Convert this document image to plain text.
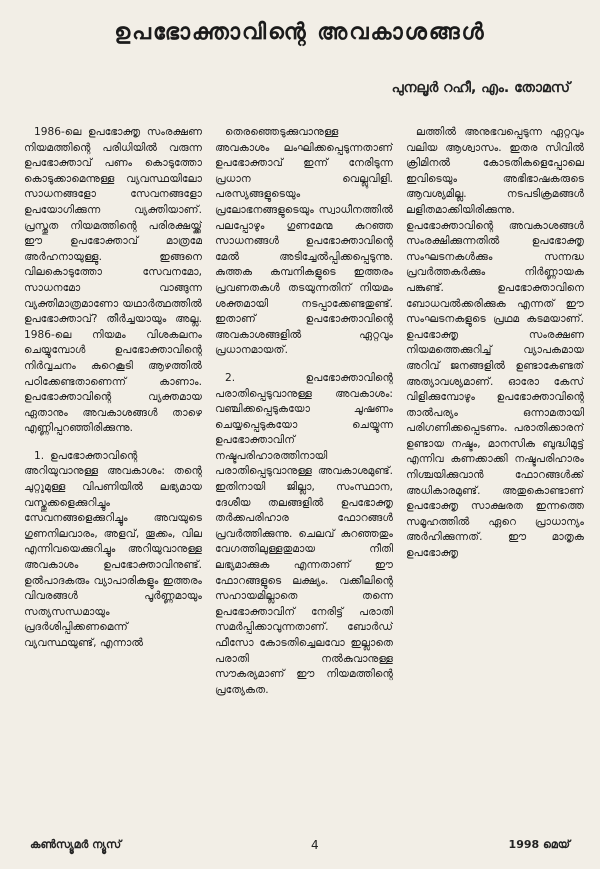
ഉപഭോക്താവിന്റെ അവകാശങ്ങൾ
പുനലൂർ റഹീ, എം. തോമസ്

1986-ലെ ഉപഭോക്തൃ സംരക്ഷണ നിയമത്തിന്റെ പരിധിയിൽ വരുന്ന ഉപഭോക്താവ് പണം കൊടുത്തോ കൊടുക്കാമെന്നുള്ള വ്യവസ്ഥയിലോ സാധനങ്ങളോ സേവനങ്ങളോ ഉപയോഗിക്കുന്ന വ്യക്തിയാണ്. പ്രസ്തുത നിയമത്തിന്റെ പരിരക്ഷയ്ക്ക് ഈ ഉപഭോക്താവ് മാത്രമേ അർഹനായുള്ളു. ഇങ്ങനെ വിലകൊടുത്തോ സേവനമോ, സാധനമോ വാങ്ങുന്ന വ്യക്തിമാത്രമാണോ യഥാർത്ഥത്തിൽ ഉപഭോക്താവ്? തീർച്ചയായും അല്ല. 1986-ലെ നിയമം വിശകലനം ചെയ്യുമ്പോൾ ഉപഭോക്താവിന്റെ നിർവ്വചനം കുറെകൂടി ആഴത്തിൽ പഠിക്കേണ്ടതാണെന്ന് കാണാം. ഉപഭോക്താവിന്റെ വ്യക്തമായ ഏതാനും അവകാശങ്ങൾ താഴെ എണ്ണിപ്പറഞ്ഞിരിക്കുന്നു.

1. ഉപഭോക്താവിന്റെ അറിയുവാനുള്ള അവകാശം: തന്റെ ചുറ്റുമുള്ള വിപണിയിൽ ലഭ്യമായ വസ്തുക്കളെക്കുറിച്ചും സേവനങ്ങളെക്കുറിച്ചും അവയുടെ ഗുണനിലവാരം, അളവ്, തൂക്കം, വില എന്നിവയെക്കുറിച്ചും അറിയുവാനുള്ള അവകാശം ഉപഭോക്താവിനുണ്ട്. ഉൽപാദകരും വ്യാപാരികളും ഇത്തരം വിവരങ്ങൾ പൂർണ്ണമായും സത്യസന്ധമായും പ്രദർശിപ്പിക്കണമെന്ന് വ്യവസ്ഥയുണ്ട്, എന്നാൽ

തെരഞ്ഞെടുക്കുവാനുള്ള അവകാശം ലംഘിക്കപ്പെടുന്നതാണ് ഉപഭോക്താവ് ഇന്ന് നേരിടുന്ന പ്രധാന വെല്ലുവിളി. പരസ്യങ്ങളുടെയും പ്രലോഭനങ്ങളുടെയും സ്വാധീനത്തിൽ പലപ്പോഴും ഗുണമേന്മ കുറഞ്ഞ സാധനങ്ങൾ ഉപഭോക്താവിന്റെ മേൽ അടിച്ചേൽപ്പിക്കപ്പെടുന്നു. കുത്തക കമ്പനികളുടെ ഇത്തരം പ്രവണതകൾ തടയുന്നതിന് നിയമം ശക്തമായി നടപ്പാക്കേണ്ടതുണ്ട്. ഇതാണ് ഉപഭോക്താവിന്റെ അവകാശങ്ങളിൽ ഏറ്റവും പ്രധാനമായത്.

2. ഉപഭോക്താവിന്റെ പരാതിപ്പെടുവാനുള്ള അവകാശം: വഞ്ചിക്കപ്പെടുകയോ ചൂഷണം ചെയ്യപ്പെടുകയോ ചെയ്യുന്ന ഉപഭോക്താവിന് നഷ്ടപരിഹാരത്തിനായി പരാതിപ്പെടുവാനുള്ള അവകാശമുണ്ട്. ഇതിനായി ജില്ലാ, സംസ്ഥാന, ദേശീയ തലങ്ങളിൽ ഉപഭോക്തൃ തർക്കപരിഹാര ഫോറങ്ങൾ പ്രവർത്തിക്കുന്നു. ചെലവ് കുറഞ്ഞതും വേഗത്തിലുള്ളതുമായ നീതി ലഭ്യമാക്കുക എന്നതാണ് ഈ ഫോറങ്ങളുടെ ലക്ഷ്യം. വക്കീലിന്റെ സഹായമില്ലാതെ തന്നെ ഉപഭോക്താവിന് നേരിട്ട് പരാതി സമർപ്പിക്കാവുന്നതാണ്. ബോർഡ് ഫീസോ കോടതിച്ചെലവോ ഇല്ലാതെ പരാതി നൽകുവാനുള്ള സൗകര്യമാണ് ഈ നിയമത്തിന്റെ പ്രത്യേകത.

ലത്തിൽ അനുഭവപ്പെടുന്ന ഏറ്റവും വലിയ ആശ്വാസം. ഇതര സിവിൽ ക്രിമിനൽ കോടതികളെപ്പോലെ ഇവിടെയും അഭിഭാഷകരുടെ ആവശ്യമില്ല. നടപടിക്രമങ്ങൾ ലളിതമാക്കിയിരിക്കുന്നു. ഉപഭോക്താവിന്റെ അവകാശങ്ങൾ സംരക്ഷിക്കുന്നതിൽ ഉപഭോക്തൃ സംഘടനകൾക്കും സന്നദ്ധ പ്രവർത്തകർക്കും നിർണ്ണായക പങ്കുണ്ട്. ഉപഭോക്താവിനെ ബോധവൽക്കരിക്കുക എന്നത് ഈ സംഘടനകളുടെ പ്രഥമ കടമയാണ്. ഉപഭോക്തൃ സംരക്ഷണ നിയമത്തെക്കുറിച്ച് വ്യാപകമായ അറിവ് ജനങ്ങളിൽ ഉണ്ടാകേണ്ടത് അത്യാവശ്യമാണ്. ഓരോ കേസ് വിളിക്കുമ്പോഴും ഉപഭോക്താവിന്റെ താൽപര്യം ഒന്നാമതായി പരിഗണിക്കപ്പെടണം. പരാതിക്കാരന് ഉണ്ടായ നഷ്ടം, മാനസിക ബുദ്ധിമുട്ട് എന്നിവ കണക്കാക്കി നഷ്ടപരിഹാരം നിശ്ചയിക്കുവാൻ ഫോറങ്ങൾക്ക് അധികാരമുണ്ട്. അതുകൊണ്ടാണ് ഉപഭോക്തൃ സാക്ഷരത ഇന്നത്തെ സമൂഹത്തിൽ ഏറെ പ്രാധാന്യം അർഹിക്കുന്നത്. ഈ മാതൃക ഉപഭോക്തൃ

കൺസ്യൂമർ ന്യൂസ്	4	1998 മെയ്
